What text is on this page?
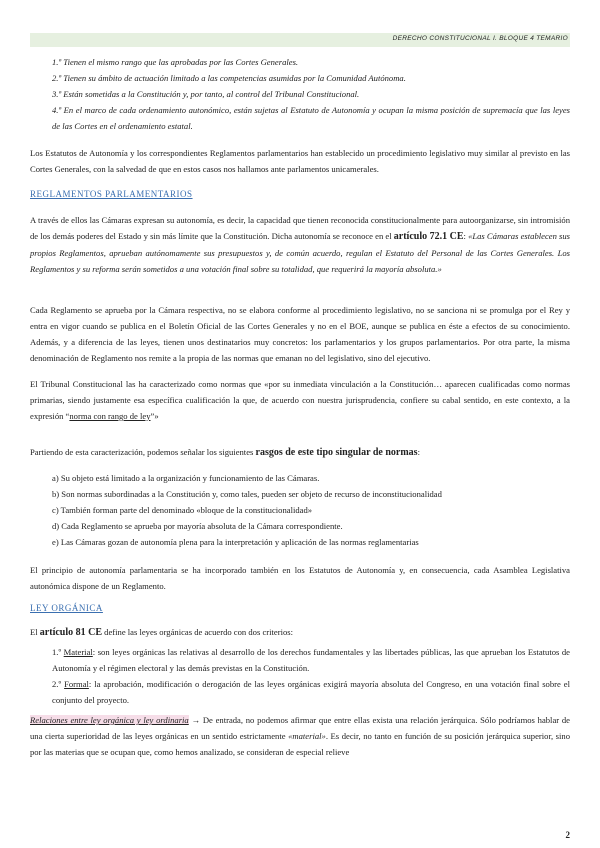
DERECHO CONSTITUCIONAL I. BLOQUE 4 TEMARIO
1.º Tienen el mismo rango que las aprobadas por las Cortes Generales.
2.º Tienen su ámbito de actuación limitado a las competencias asumidas por la Comunidad Autónoma.
3.º Están sometidas a la Constitución y, por tanto, al control del Tribunal Constitucional.
4.º En el marco de cada ordenamiento autonómico, están sujetas al Estatuto de Autonomía y ocupan la misma posición de supremacía que las leyes de las Cortes en el ordenamiento estatal.
Los Estatutos de Autonomía y los correspondientes Reglamentos parlamentarios han establecido un procedimiento legislativo muy similar al previsto en las Cortes Generales, con la salvedad de que en estos casos nos hallamos ante parlamentos unicamerales.
REGLAMENTOS PARLAMENTARIOS
A través de ellos las Cámaras expresan su autonomía, es decir, la capacidad que tienen reconocida constitucionalmente para autoorganizarse, sin intromisión de los demás poderes del Estado y sin más límite que la Constitución. Dicha autonomía se reconoce en el artículo 72.1 CE: «Las Cámaras establecen sus propios Reglamentos, aprueban autónomamente sus presupuestos y, de común acuerdo, regulan el Estatuto del Personal de las Cortes Generales. Los Reglamentos y su reforma serán sometidos a una votación final sobre su totalidad, que requerirá la mayoría absoluta.»
Cada Reglamento se aprueba por la Cámara respectiva, no se elabora conforme al procedimiento legislativo, no se sanciona ni se promulga por el Rey y entra en vigor cuando se publica en el Boletín Oficial de las Cortes Generales y no en el BOE, aunque se publica en éste a efectos de su conocimiento. Además, y a diferencia de las leyes, tienen unos destinatarios muy concretos: los parlamentarios y los grupos parlamentarios. Por otra parte, la misma denominación de Reglamento nos remite a la propia de las normas que emanan no del legislativo, sino del ejecutivo.
El Tribunal Constitucional las ha caracterizado como normas que «por su inmediata vinculación a la Constitución… aparecen cualificadas como normas primarias, siendo justamente esa específica cualificación la que, de acuerdo con nuestra jurisprudencia, confiere su cabal sentido, en este contexto, a la expresión “norma con rango de ley”»
Partiendo de esta caracterización, podemos señalar los siguientes rasgos de este tipo singular de normas:
a) Su objeto está limitado a la organización y funcionamiento de las Cámaras.
b) Son normas subordinadas a la Constitución y, como tales, pueden ser objeto de recurso de inconstitucionalidad
c) También forman parte del denominado «bloque de la constitucionalidad»
d) Cada Reglamento se aprueba por mayoría absoluta de la Cámara correspondiente.
e) Las Cámaras gozan de autonomía plena para la interpretación y aplicación de las normas reglamentarias
El principio de autonomía parlamentaria se ha incorporado también en los Estatutos de Autonomía y, en consecuencia, cada Asamblea Legislativa autonómica dispone de un Reglamento.
LEY ORGÁNICA
El artículo 81 CE define las leyes orgánicas de acuerdo con dos criterios:
1.º Material: son leyes orgánicas las relativas al desarrollo de los derechos fundamentales y las libertades públicas, las que aprueban los Estatutos de Autonomía y el régimen electoral y las demás previstas en la Constitución.
2.º Formal: la aprobación, modificación o derogación de las leyes orgánicas exigirá mayoría absoluta del Congreso, en una votación final sobre el conjunto del proyecto.
Relaciones entre ley orgánica y ley ordinaria → De entrada, no podemos afirmar que entre ellas exista una relación jerárquica. Sólo podríamos hablar de una cierta superioridad de las leyes orgánicas en un sentido estrictamente «material». Es decir, no tanto en función de su posición jerárquica superior, sino por las materias que se ocupan que, como hemos analizado, se consideran de especial relieve
2
